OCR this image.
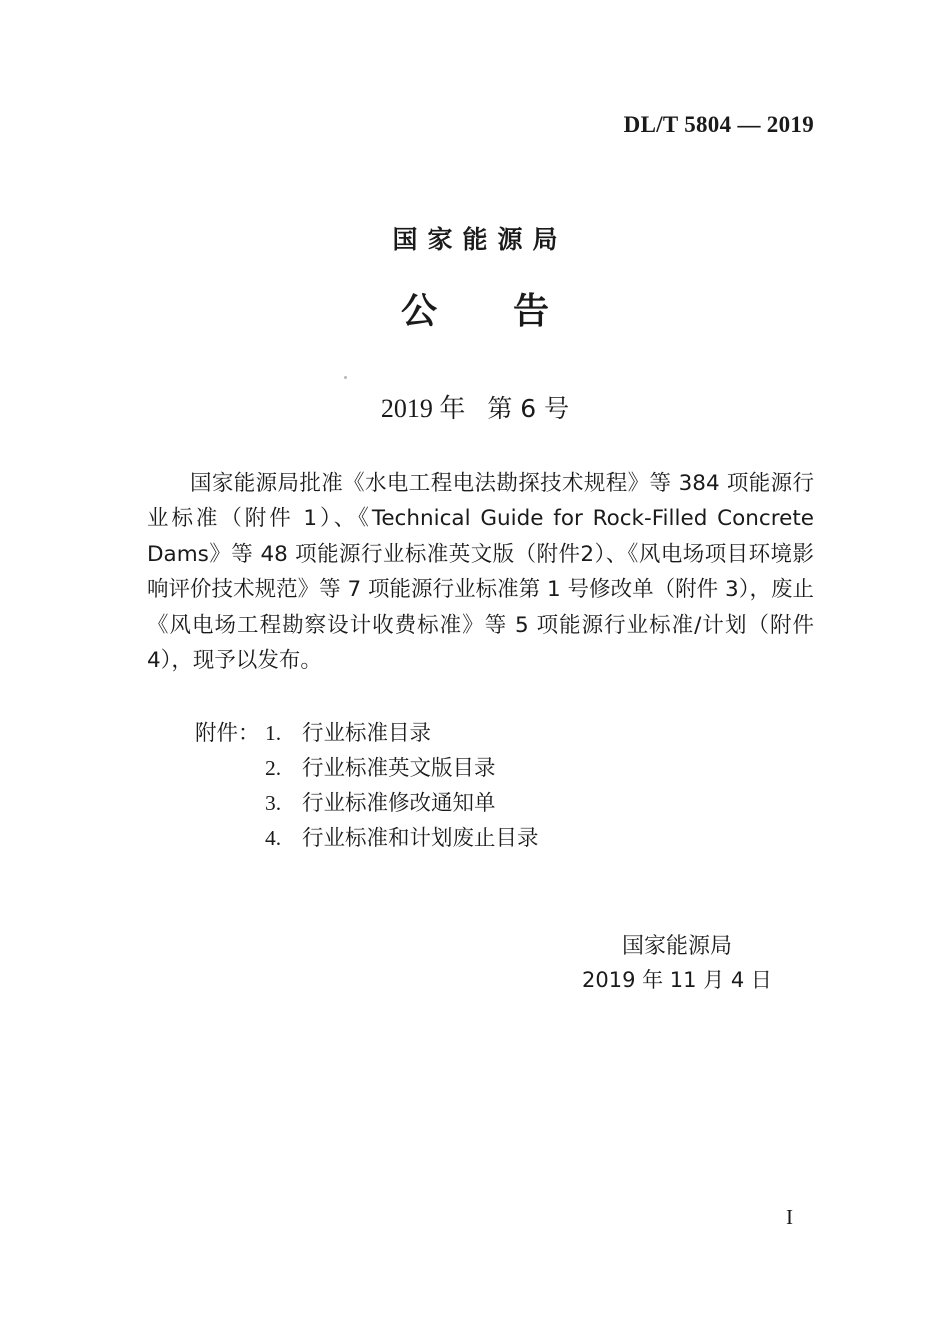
DL/T 5804 — 2019
国家能源局
公告
2019 年 第 6 号
国家能源局批准《水电工程电法勘探技术规程》等 384 项能源行业标准（附件 1）、《Technical Guide for Rock-Filled Concrete Dams》等 48 项能源行业标准英文版（附件2）、《风电场项目环境影响评价技术规范》等 7 项能源行业标准第 1 号修改单（附件 3），废止《风电场工程勘察设计收费标准》等 5 项能源行业标准/计划（附件 4），现予以发布。
附件： 1. 行业标准目录
2. 行业标准英文版目录
3. 行业标准修改通知单
4. 行业标准和计划废止目录
国家能源局
2019 年 11 月 4 日
I
